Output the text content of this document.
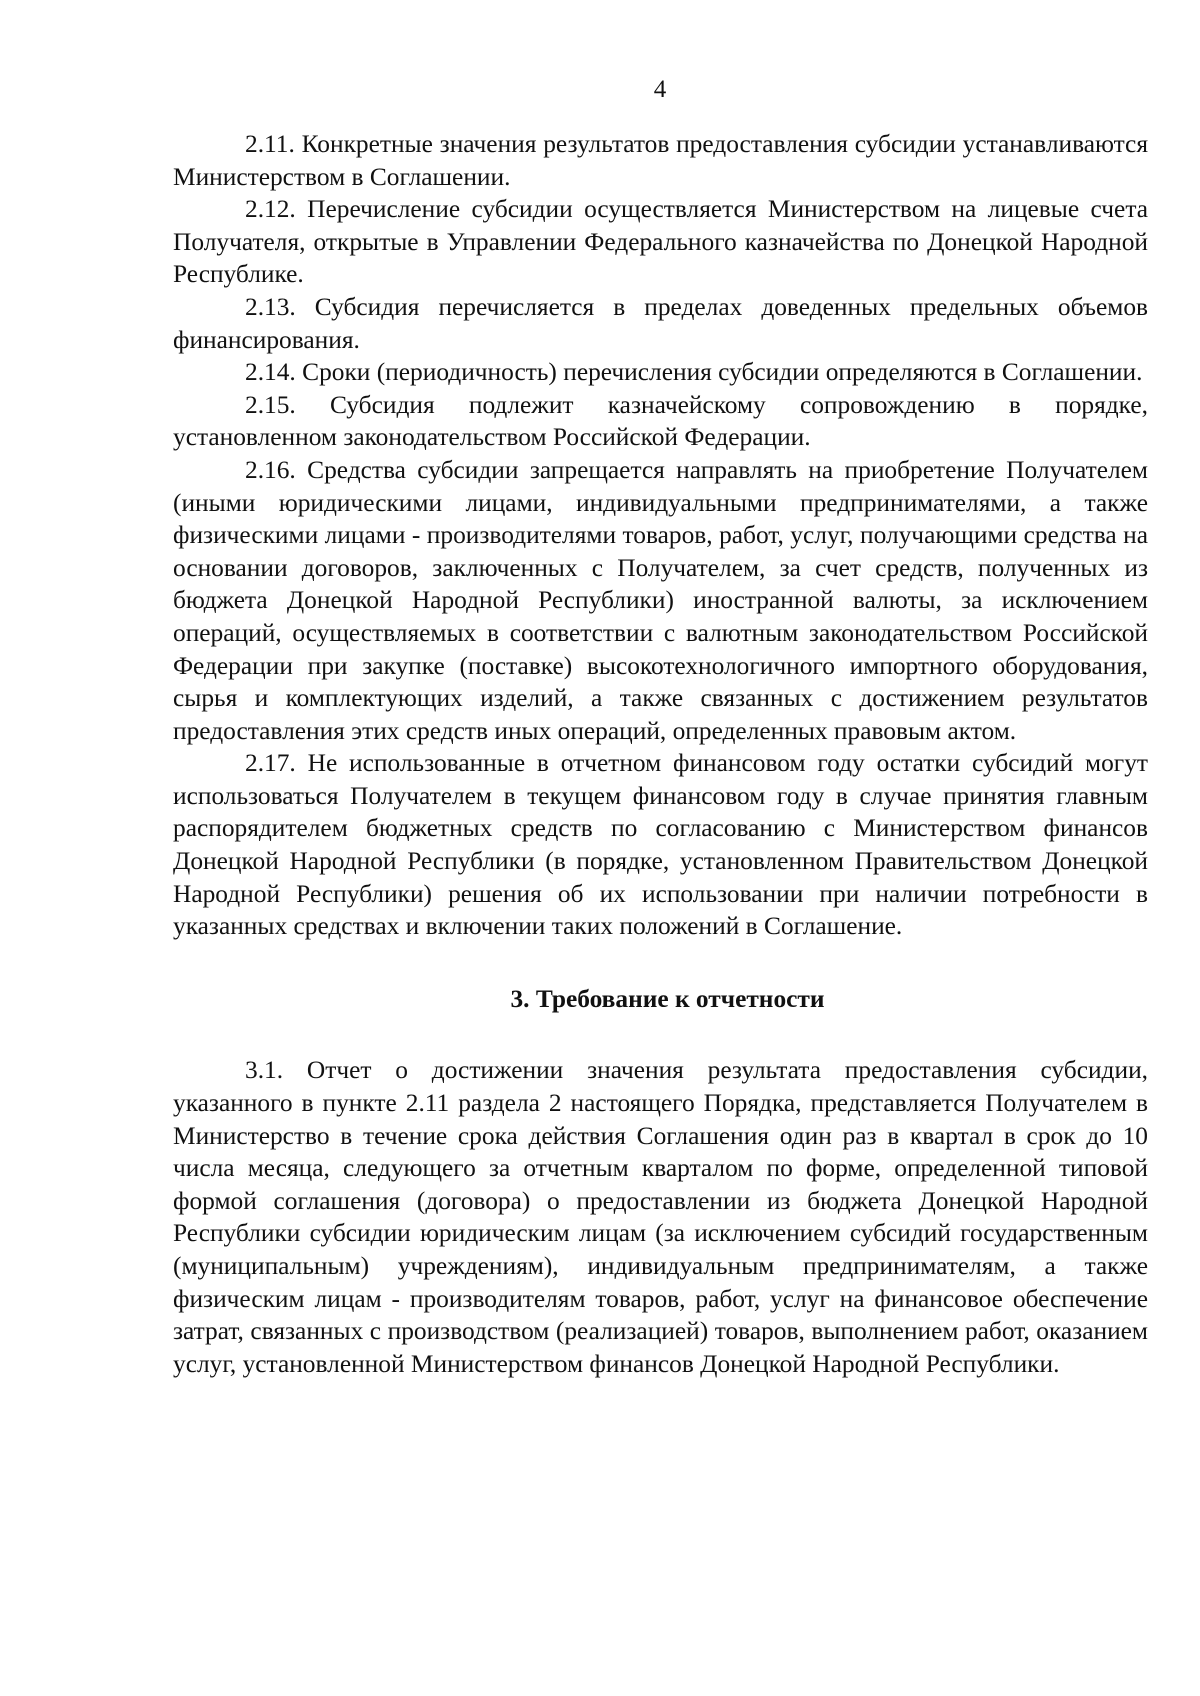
4

2.11. Конкретные значения результатов предоставления субсидии устанавливаются Министерством в Соглашении.

2.12. Перечисление субсидии осуществляется Министерством на лицевые счета Получателя, открытые в Управлении Федерального казначейства по Донецкой Народной Республике.

2.13. Субсидия перечисляется в пределах доведенных предельных объемов финансирования.

2.14. Сроки (периодичность) перечисления субсидии определяются в Соглашении.

2.15. Субсидия подлежит казначейскому сопровождению в порядке, установленном законодательством Российской Федерации.

2.16. Средства субсидии запрещается направлять на приобретение Получателем (иными юридическими лицами, индивидуальными предпринимателями, а также физическими лицами - производителями товаров, работ, услуг, получающими средства на основании договоров, заключенных с Получателем, за счет средств, полученных из бюджета Донецкой Народной Республики) иностранной валюты, за исключением операций, осуществляемых в соответствии с валютным законодательством Российской Федерации при закупке (поставке) высокотехнологичного импортного оборудования, сырья и комплектующих изделий, а также связанных с достижением результатов предоставления этих средств иных операций, определенных правовым актом.

2.17. Не использованные в отчетном финансовом году остатки субсидий могут использоваться Получателем в текущем финансовом году в случае принятия главным распорядителем бюджетных средств по согласованию с Министерством финансов Донецкой Народной Республики (в порядке, установленном Правительством Донецкой Народной Республики) решения об их использовании при наличии потребности в указанных средствах и включении таких положений в Соглашение.

3. Требование к отчетности

3.1. Отчет о достижении значения результата предоставления субсидии, указанного в пункте 2.11 раздела 2 настоящего Порядка, представляется Получателем в Министерство в течение срока действия Соглашения один раз в квартал в срок до 10 числа месяца, следующего за отчетным кварталом по форме, определенной типовой формой соглашения (договора) о предоставлении из бюджета Донецкой Народной Республики субсидии юридическим лицам (за исключением субсидий государственным (муниципальным) учреждениям), индивидуальным предпринимателям, а также физическим лицам - производителям товаров, работ, услуг на финансовое обеспечение затрат, связанных с производством (реализацией) товаров, выполнением работ, оказанием услуг, установленной Министерством финансов Донецкой Народной Республики.
